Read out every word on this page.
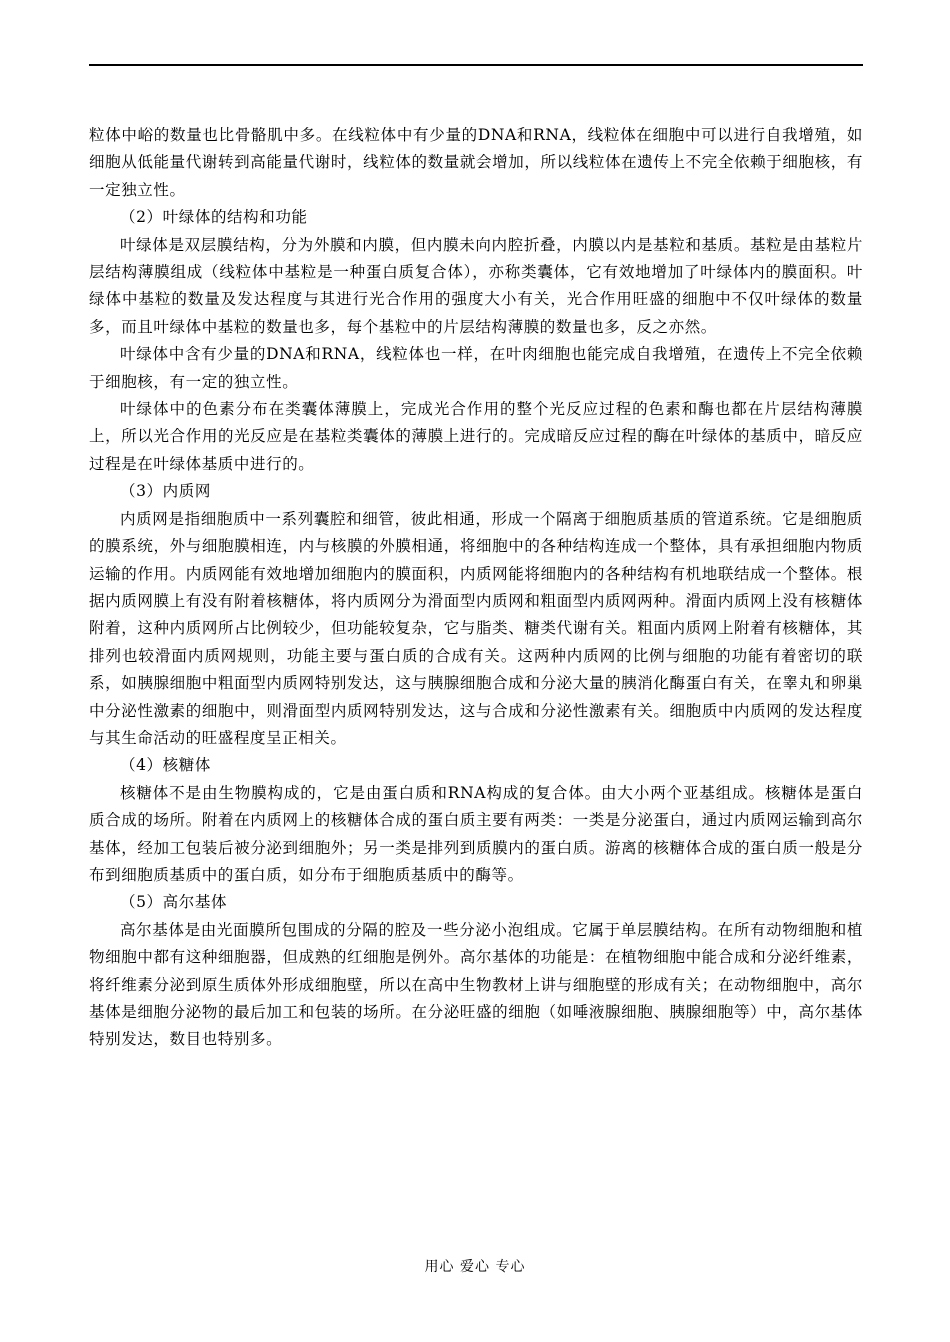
粒体中峪的数量也比骨骼肌中多。在线粒体中有少量的DNA和RNA，线粒体在细胞中可以进行自我增殖，如细胞从低能量代谢转到高能量代谢时，线粒体的数量就会增加，所以线粒体在遗传上不完全依赖于细胞核，有一定独立性。

（2）叶绿体的结构和功能

叶绿体是双层膜结构，分为外膜和内膜，但内膜未向内腔折叠，内膜以内是基粒和基质。基粒是由基粒片层结构薄膜组成（线粒体中基粒是一种蛋白质复合体），亦称类囊体，它有效地增加了叶绿体内的膜面积。叶绿体中基粒的数量及发达程度与其进行光合作用的强度大小有关，光合作用旺盛的细胞中不仅叶绿体的数量多，而且叶绿体中基粒的数量也多，每个基粒中的片层结构薄膜的数量也多，反之亦然。

叶绿体中含有少量的DNA和RNA，线粒体也一样，在叶肉细胞也能完成自我增殖，在遗传上不完全依赖于细胞核，有一定的独立性。

叶绿体中的色素分布在类囊体薄膜上，完成光合作用的整个光反应过程的色素和酶也都在片层结构薄膜上，所以光合作用的光反应是在基粒类囊体的薄膜上进行的。完成暗反应过程的酶在叶绿体的基质中，暗反应过程是在叶绿体基质中进行的。

（3）内质网

内质网是指细胞质中一系列囊腔和细管，彼此相通，形成一个隔离于细胞质基质的管道系统。它是细胞质的膜系统，外与细胞膜相连，内与核膜的外膜相通，将细胞中的各种结构连成一个整体，具有承担细胞内物质运输的作用。内质网能有效地增加细胞内的膜面积，内质网能将细胞内的各种结构有机地联结成一个整体。根据内质网膜上有没有附着核糖体，将内质网分为滑面型内质网和粗面型内质网两种。滑面内质网上没有核糖体附着，这种内质网所占比例较少，但功能较复杂，它与脂类、糖类代谢有关。粗面内质网上附着有核糖体，其排列也较滑面内质网规则，功能主要与蛋白质的合成有关。这两种内质网的比例与细胞的功能有着密切的联系，如胰腺细胞中粗面型内质网特别发达，这与胰腺细胞合成和分泌大量的胰消化酶蛋白有关，在睾丸和卵巢中分泌性激素的细胞中，则滑面型内质网特别发达，这与合成和分泌性激素有关。细胞质中内质网的发达程度与其生命活动的旺盛程度呈正相关。

（4）核糖体

核糖体不是由生物膜构成的，它是由蛋白质和RNA构成的复合体。由大小两个亚基组成。核糖体是蛋白质合成的场所。附着在内质网上的核糖体合成的蛋白质主要有两类：一类是分泌蛋白，通过内质网运输到高尔基体，经加工包装后被分泌到细胞外；另一类是排列到质膜内的蛋白质。游离的核糖体合成的蛋白质一般是分布到细胞质基质中的蛋白质，如分布于细胞质基质中的酶等。

（5）高尔基体

高尔基体是由光面膜所包围成的分隔的腔及一些分泌小泡组成。它属于单层膜结构。在所有动物细胞和植物细胞中都有这种细胞器，但成熟的红细胞是例外。高尔基体的功能是：在植物细胞中能合成和分泌纤维素，将纤维素分泌到原生质体外形成细胞壁，所以在高中生物教材上讲与细胞壁的形成有关；在动物细胞中，高尔基体是细胞分泌物的最后加工和包装的场所。在分泌旺盛的细胞（如唾液腺细胞、胰腺细胞等）中，高尔基体特别发达，数目也特别多。

用心 爱心 专心
